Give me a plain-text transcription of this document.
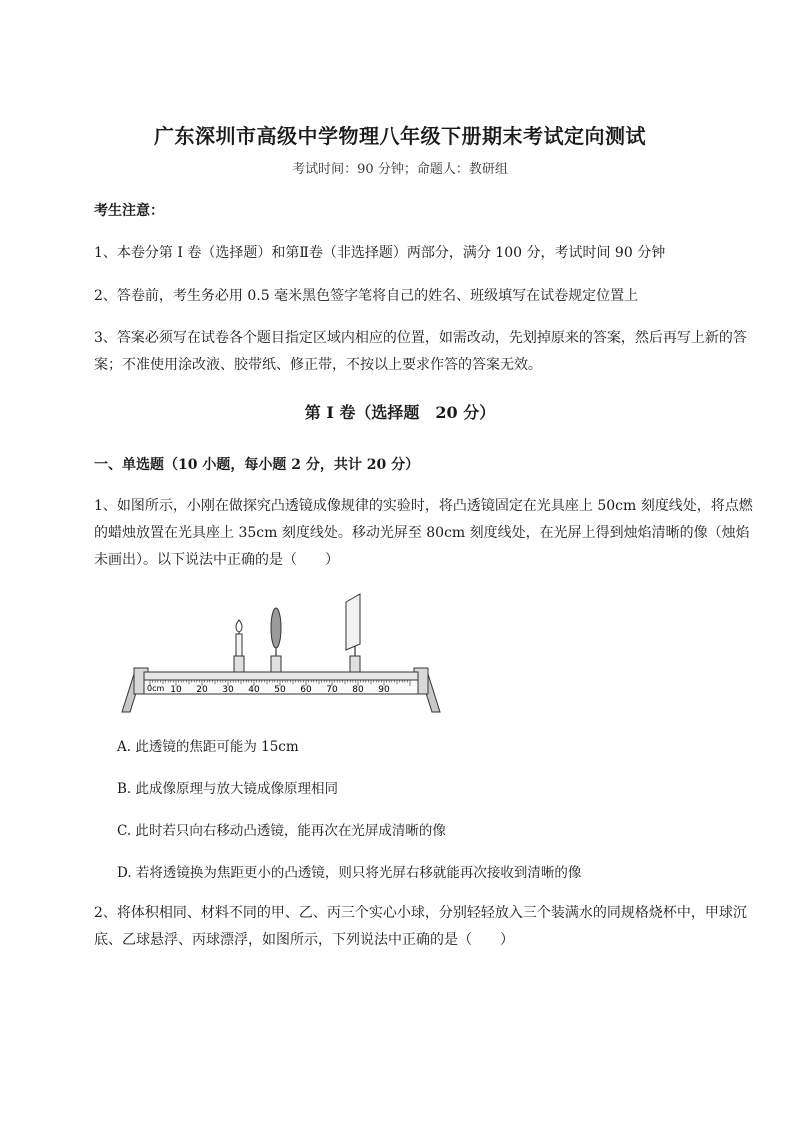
广东深圳市高级中学物理八年级下册期末考试定向测试
考试时间：90 分钟；命题人：教研组
考生注意：
1、本卷分第 I 卷（选择题）和第Ⅱ卷（非选择题）两部分，满分 100 分，考试时间 90 分钟
2、答卷前，考生务必用 0.5 毫米黑色签字笔将自己的姓名、班级填写在试卷规定位置上
3、答案必须写在试卷各个题目指定区域内相应的位置，如需改动，先划掉原来的答案，然后再写上新的答案；不准使用涂改液、胶带纸、修正带，不按以上要求作答的答案无效。
第 I 卷（选择题　20 分）
一、单选题（10 小题，每小题 2 分，共计 20 分）
1、如图所示，小刚在做探究凸透镜成像规律的实验时，将凸透镜固定在光具座上 50cm 刻度线处，将点燃的蜡烛放置在光具座上 35cm 刻度线处。移动光屏至 80cm 刻度线处，在光屏上得到烛焰清晰的像（烛焰未画出）。以下说法中正确的是（　　）
0cm 10 20 30 40 50 60 70 80 90
A. 此透镜的焦距可能为 15cm
B. 此成像原理与放大镜成像原理相同
C. 此时若只向右移动凸透镜，能再次在光屏成清晰的像
D. 若将透镜换为焦距更小的凸透镜，则只将光屏右移就能再次接收到清晰的像
2、将体积相同、材料不同的甲、乙、丙三个实心小球，分别轻轻放入三个装满水的同规格烧杯中，甲球沉底、乙球悬浮、丙球漂浮，如图所示，下列说法中正确的是（　　）
